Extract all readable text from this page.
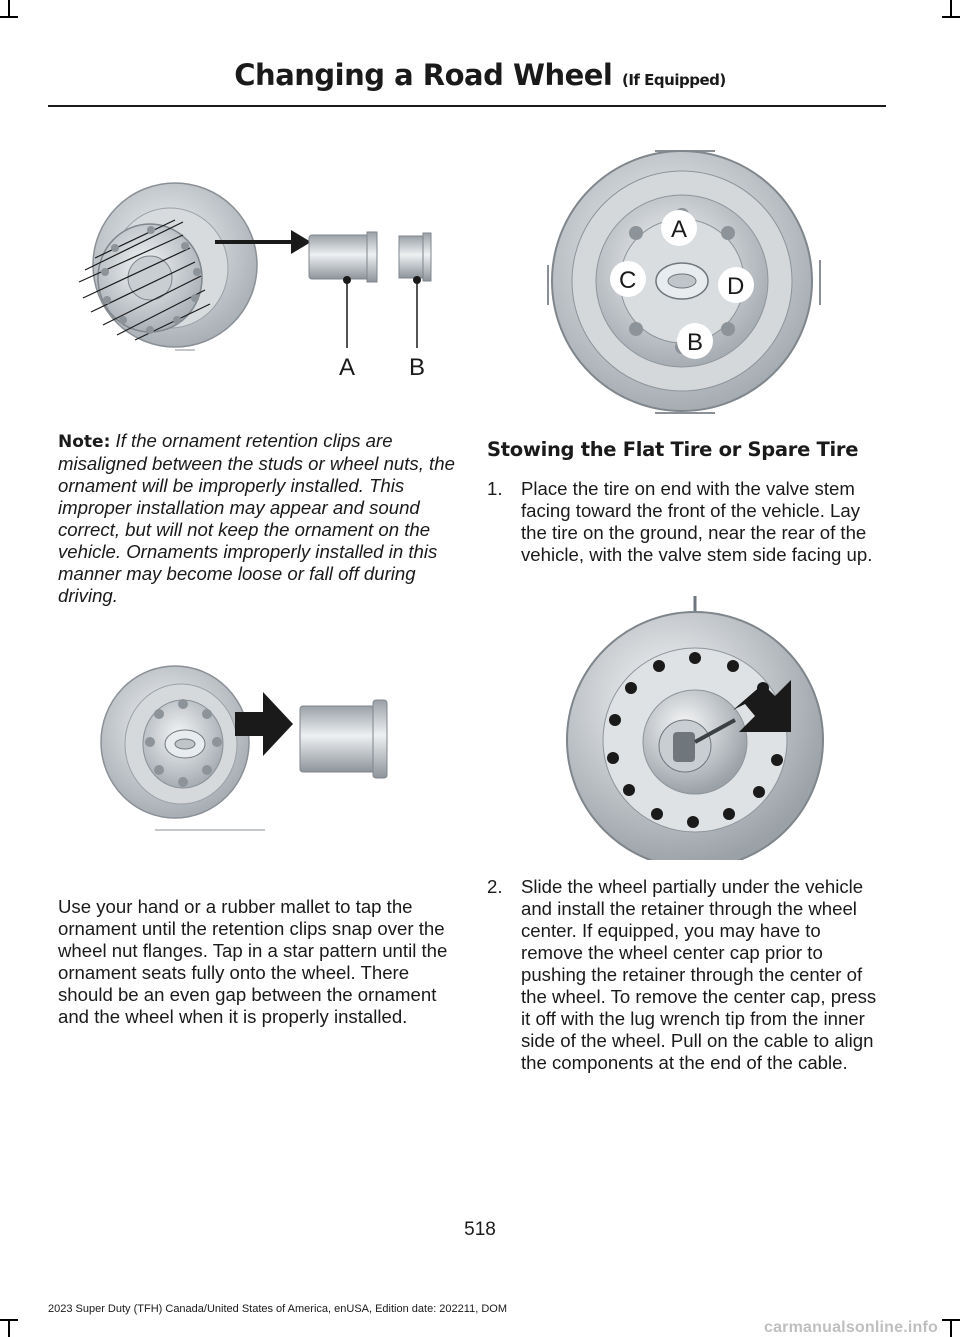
Changing a Road Wheel (If Equipped)
A B
A
B
C	D
Note: If the ornament retention clips are misaligned between the studs or wheel nuts, the ornament will be improperly installed. This improper installation may appear and sound correct, but will not keep the ornament on the vehicle. Ornaments improperly installed in this manner may become loose or fall off during driving.
Use your hand or a rubber mallet to tap the ornament until the retention clips snap over the wheel nut flanges. Tap in a star pattern until the ornament seats fully onto the wheel. There should be an even gap between the ornament and the wheel when it is properly installed.
Stowing the Flat Tire or Spare Tire
1. Place the tire on end with the valve stem facing toward the front of the vehicle. Lay the tire on the ground, near the rear of the vehicle, with the valve stem side facing up.
2. Slide the wheel partially under the vehicle and install the retainer through the wheel center. If equipped, you may have to remove the wheel center cap prior to pushing the retainer through the center of the wheel. To remove the center cap, press it off with the lug wrench tip from the inner side of the wheel. Pull on the cable to align the components at the end of the cable.
518
2023 Super Duty (TFH) Canada/United States of America, enUSA, Edition date: 202211, DOM
carmanualsonline.info
